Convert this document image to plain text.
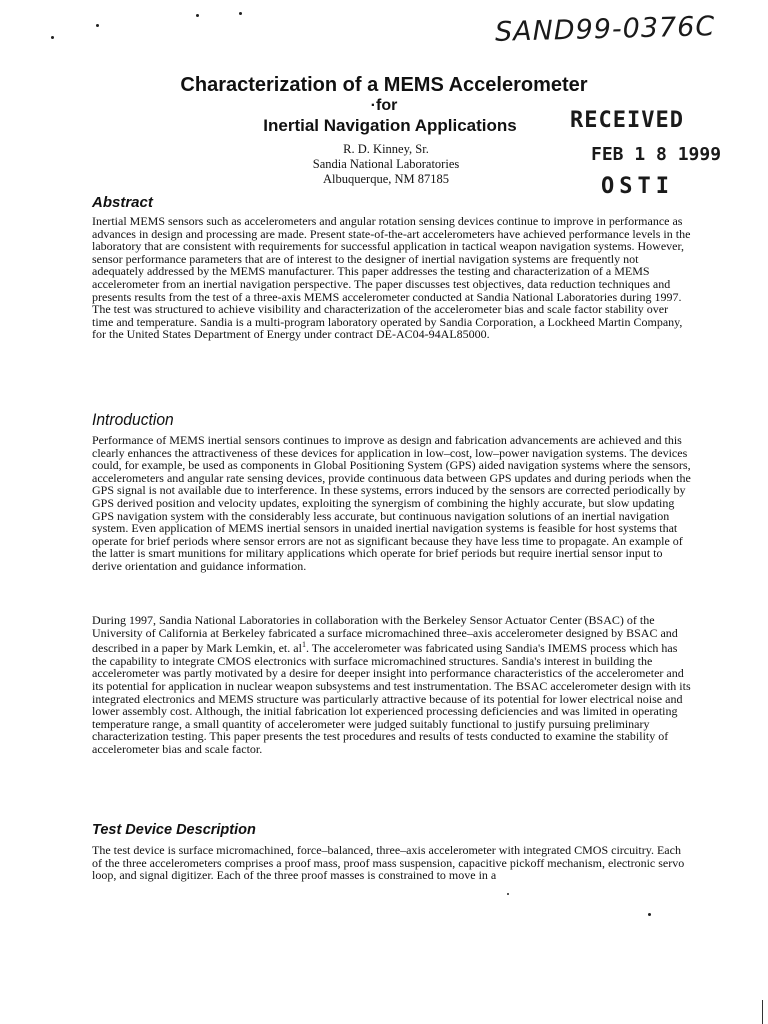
SAND99-0376C
Characterization of a MEMS Accelerometer
·for
Inertial Navigation Applications	RECEIVED
FEB 1 8 1999
OSTI
R. D. Kinney, Sr.
Sandia National Laboratories
Albuquerque, NM 87185
Abstract
Inertial MEMS sensors such as accelerometers and angular rotation sensing devices continue to improve in performance as advances in design and processing are made. Present state-of-the-art accelerometers have achieved performance levels in the laboratory that are consistent with requirements for successful application in tactical weapon navigation systems. However, sensor performance parameters that are of interest to the designer of inertial navigation systems are frequently not adequately addressed by the MEMS manufacturer. This paper addresses the testing and characterization of a MEMS accelerometer from an inertial navigation perspective. The paper discusses test objectives, data reduction techniques and presents results from the test of a three-axis MEMS accelerometer conducted at Sandia National Laboratories during 1997. The test was structured to achieve visibility and characterization of the accelerometer bias and scale factor stability over time and temperature. Sandia is a multi-program laboratory operated by Sandia Corporation, a Lockheed Martin Company, for the United States Department of Energy under contract DE-AC04-94AL85000.
Introduction
Performance of MEMS inertial sensors continues to improve as design and fabrication advancements are achieved and this clearly enhances the attractiveness of these devices for application in low–cost, low–power navigation systems. The devices could, for example, be used as components in Global Positioning System (GPS) aided navigation systems where the sensors, accelerometers and angular rate sensing devices, provide continuous data between GPS updates and during periods when the GPS signal is not available due to interference. In these systems, errors induced by the sensors are corrected periodically by GPS derived position and velocity updates, exploiting the synergism of combining the highly accurate, but slow updating GPS navigation system with the considerably less accurate, but continuous navigation solutions of an inertial navigation system. Even application of MEMS inertial sensors in unaided inertial navigation systems is feasible for host systems that operate for brief periods where sensor errors are not as significant because they have less time to propagate. An example of the latter is smart munitions for military applications which operate for brief periods but require inertial sensor input to derive orientation and guidance information.
During 1997, Sandia National Laboratories in collaboration with the Berkeley Sensor Actuator Center (BSAC) of the University of California at Berkeley fabricated a surface micromachined three–axis accelerometer designed by BSAC and described in a paper by Mark Lemkin, et. $al^1$. The accelerometer was fabricated using Sandia's IMEMS process which has the capability to integrate CMOS electronics with surface micromachined structures. Sandia's interest in building the accelerometer was partly motivated by a desire for deeper insight into performance characteristics of the accelerometer and its potential for application in nuclear weapon subsystems and test instrumentation. The BSAC accelerometer design with its integrated electronics and MEMS structure was particularly attractive because of its potential for lower electrical noise and lower assembly cost. Although, the initial fabrication lot experienced processing deficiencies and was limited in operating temperature range, a small quantity of accelerometer were judged suitably functional to justify pursuing preliminary characterization testing. This paper presents the test procedures and results of tests conducted to examine the stability of accelerometer bias and scale factor.
Test Device Description
The test device is surface micromachined, force–balanced, three–axis accelerometer with integrated CMOS circuitry. Each of the three accelerometers comprises a proof mass, proof mass suspension, capacitive pickoff mechanism, electronic servo loop, and signal digitizer. Each of the three proof masses is constrained to move in a
